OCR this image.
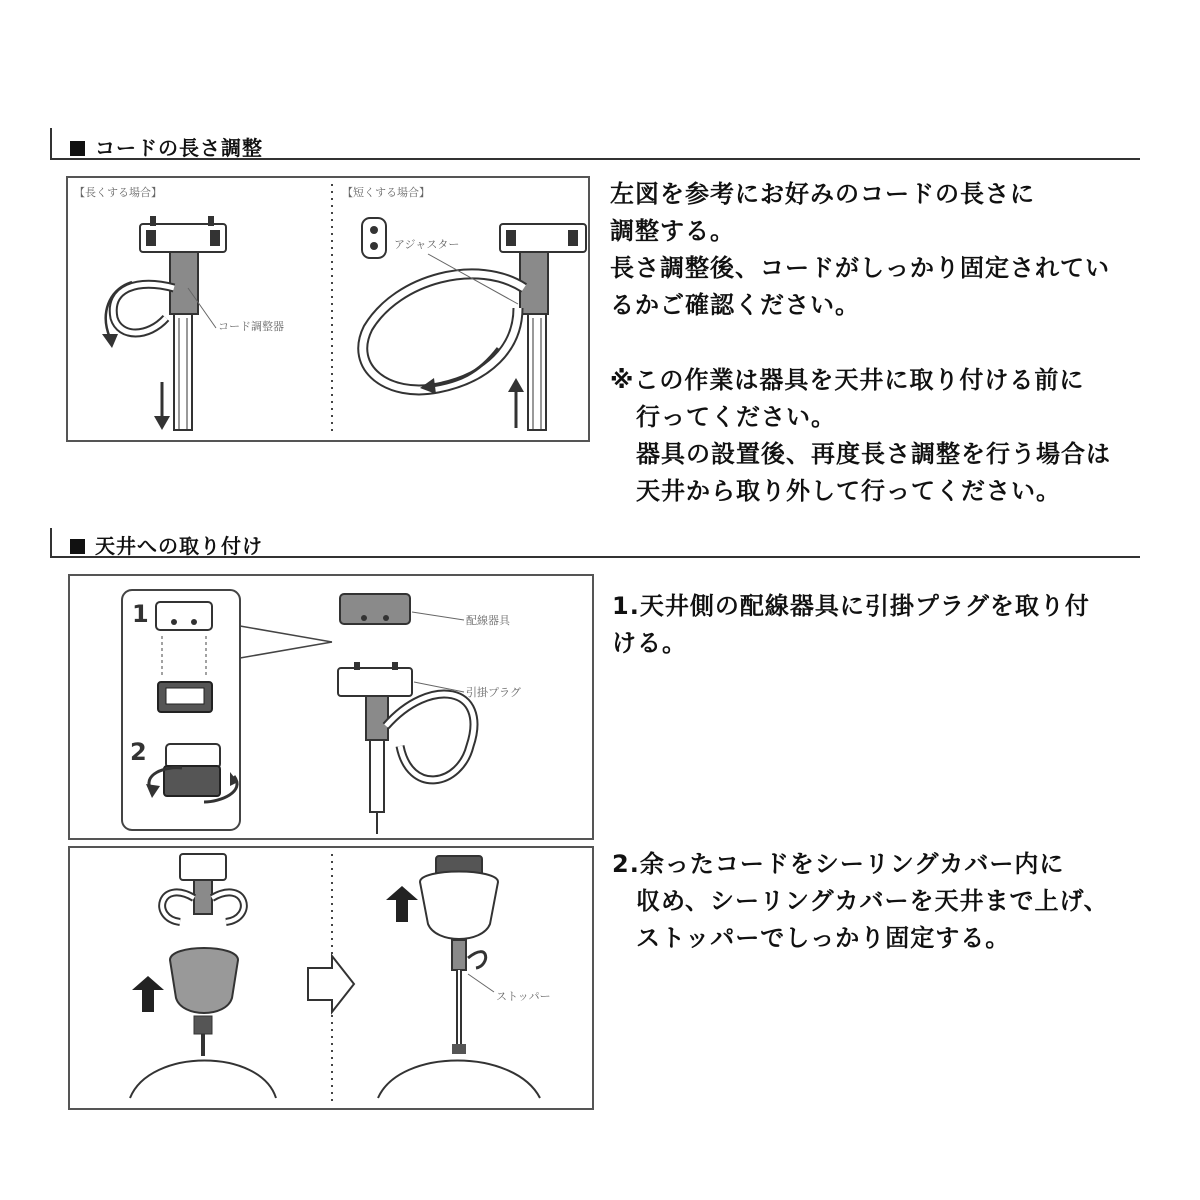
コードの長さ調整
【長くする場合】
コード調整器
【短くする場合】
アジャスター
左図を参考にお好みのコードの長さに
調整する。
長さ調整後、コードがしっかり固定されてい
るかご確認ください。
※この作業は器具を天井に取り付ける前に
行ってください。
器具の設置後、再度長さ調整を行う場合は
天井から取り外して行ってください。
天井への取り付け
1
2
配線器具
引掛プラグ
1.天井側の配線器具に引掛プラグを取り付
ける。
ストッパー
2.余ったコードをシーリングカバー内に
収め、シーリングカバーを天井まで上げ、
ストッパーでしっかり固定する。
